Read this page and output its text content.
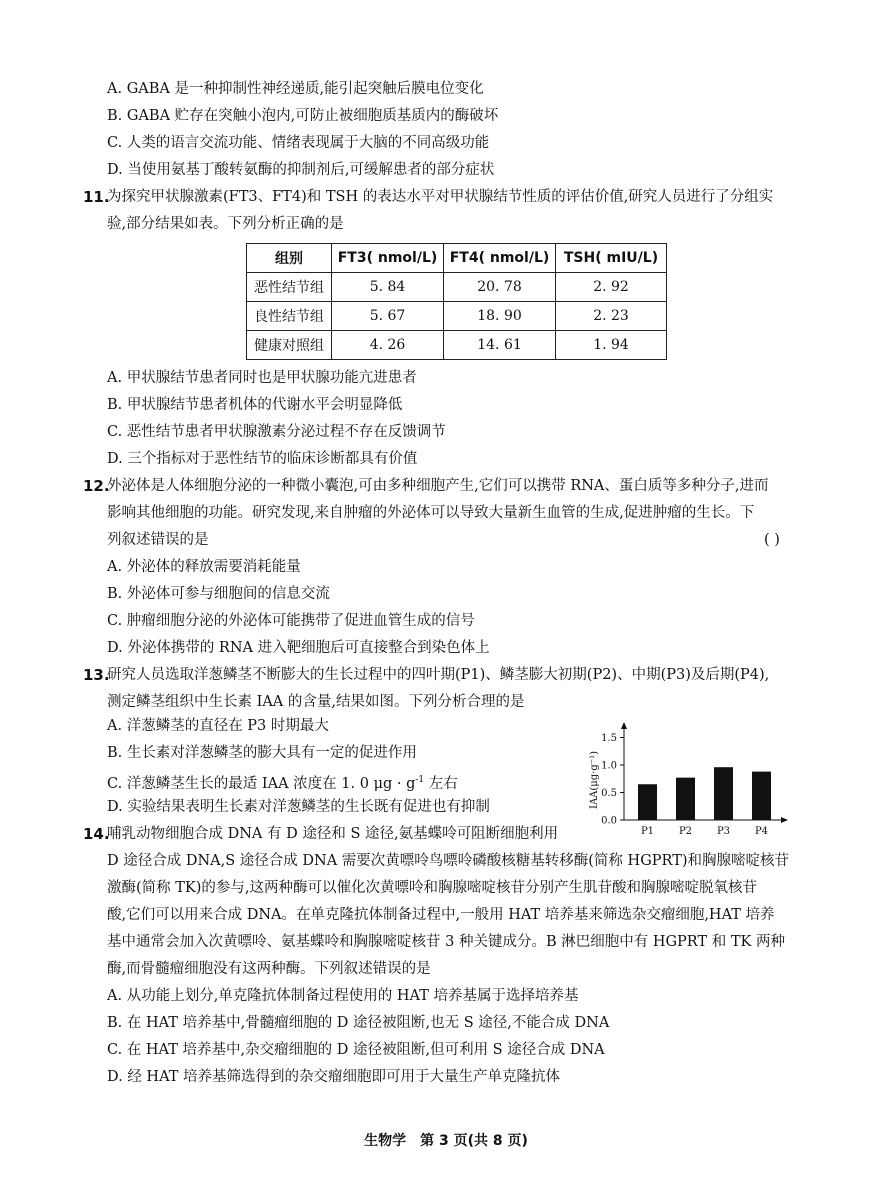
A. GABA 是一种抑制性神经递质,能引起突触后膜电位变化
B. GABA 贮存在突触小泡内,可防止被细胞质基质内的酶破坏
C. 人类的语言交流功能、情绪表现属于大脑的不同高级功能
D. 当使用氨基丁酸转氨酶的抑制剂后,可缓解患者的部分症状
11.
为探究甲状腺激素(FT3、FT4)和 TSH 的表达水平对甲状腺结节性质的评估价值,研究人员进行了分组实
验,部分结果如表。下列分析正确的是
组别	FT3( nmol/L)	FT4( nmol/L)	TSH( mIU/L)
恶性结节组	5. 84	20. 78	2. 92
良性结节组	5. 67	18. 90	2. 23
健康对照组	4. 26	14. 61	1. 94
A. 甲状腺结节患者同时也是甲状腺功能亢进患者
B. 甲状腺结节患者机体的代谢水平会明显降低
C. 恶性结节患者甲状腺激素分泌过程不存在反馈调节
D. 三个指标对于恶性结节的临床诊断都具有价值
12.
外泌体是人体细胞分泌的一种微小囊泡,可由多种细胞产生,它们可以携带 RNA、蛋白质等多种分子,进而
影响其他细胞的功能。研究发现,来自肿瘤的外泌体可以导致大量新生血管的生成,促进肿瘤的生长。下
列叙述错误的是	( )
A. 外泌体的释放需要消耗能量
B. 外泌体可参与细胞间的信息交流
C. 肿瘤细胞分泌的外泌体可能携带了促进血管生成的信号
D. 外泌体携带的 RNA 进入靶细胞后可直接整合到染色体上
13.
研究人员选取洋葱鳞茎不断膨大的生长过程中的四叶期(P1)、鳞茎膨大初期(P2)、中期(P3)及后期(P4),
测定鳞茎组织中生长素 IAA 的含量,结果如图。下列分析合理的是
A. 洋葱鳞茎的直径在 P3 时期最大
B. 生长素对洋葱鳞茎的膨大具有一定的促进作用
C. 洋葱鳞茎生长的最适 IAA 浓度在 1. 0 $\mu g \cdot g^{-1}$ 左右
D. 实验结果表明生长素对洋葱鳞茎的生长既有促进也有抑制	IAA(μg·g⁻¹)
0.0
0.5
1.0
1.5
P1 P2 P3 P4
14.
哺乳动物细胞合成 DNA 有 D 途径和 S 途径,氨基蝶呤可阻断细胞利用
D 途径合成 DNA,S 途径合成 DNA 需要次黄嘌呤鸟嘌呤磷酸核糖基转移酶(简称 HGPRT)和胸腺嘧啶核苷
激酶(简称 TK)的参与,这两种酶可以催化次黄嘌呤和胸腺嘧啶核苷分别产生肌苷酸和胸腺嘧啶脱氧核苷
酸,它们可以用来合成 DNA。在单克隆抗体制备过程中,一般用 HAT 培养基来筛选杂交瘤细胞,HAT 培养
基中通常会加入次黄嘌呤、氨基蝶呤和胸腺嘧啶核苷 3 种关键成分。B 淋巴细胞中有 HGPRT 和 TK 两种
酶,而骨髓瘤细胞没有这两种酶。下列叙述错误的是
A. 从功能上划分,单克隆抗体制备过程使用的 HAT 培养基属于选择培养基
B. 在 HAT 培养基中,骨髓瘤细胞的 D 途径被阻断,也无 S 途径,不能合成 DNA
C. 在 HAT 培养基中,杂交瘤细胞的 D 途径被阻断,但可利用 S 途径合成 DNA
D. 经 HAT 培养基筛选得到的杂交瘤细胞即可用于大量生产单克隆抗体
生物学　第 3 页(共 8 页)
